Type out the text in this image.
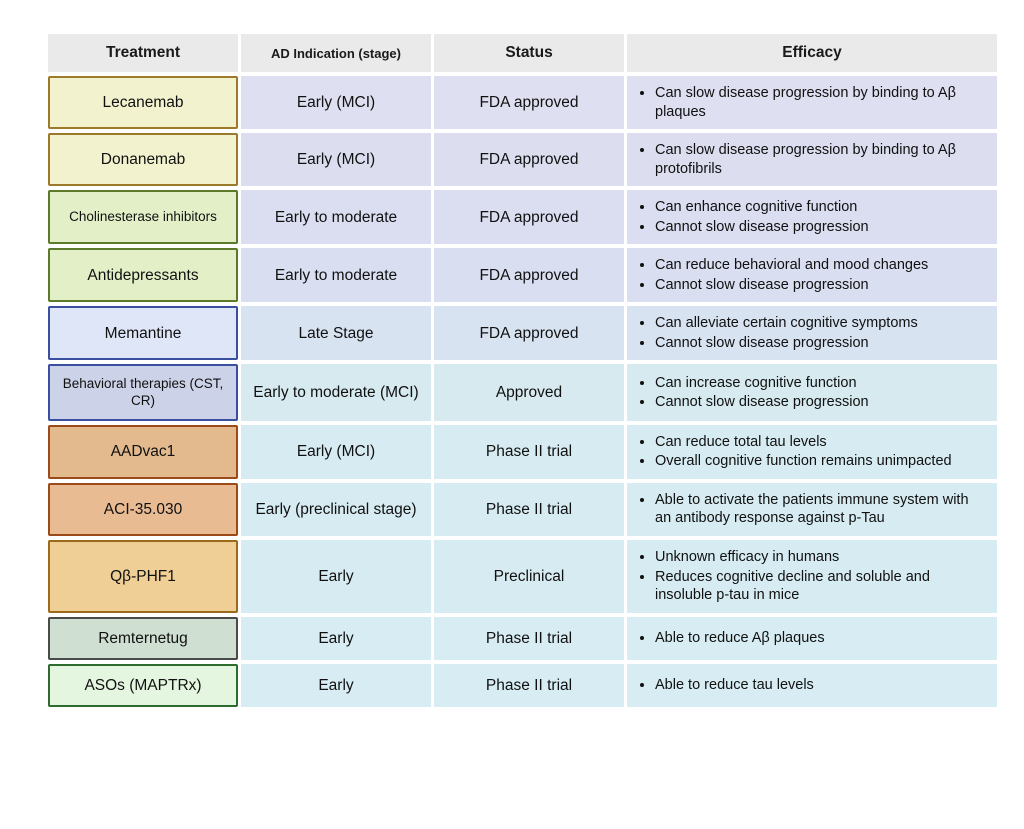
Treatment	AD Indication (stage)	Status	Efficacy
Lecanemab	Early (MCI)	FDA approved	
• Can slow disease progression by binding to Aβ plaques

Donanemab	Early (MCI)	FDA approved	
• Can slow disease progression by binding to Aβ protofibrils

Cholinesterase inhibitors	Early to moderate	FDA approved	
• Can enhance cognitive function
• Cannot slow disease progression

Antidepressants	Early to moderate	FDA approved	
• Can reduce behavioral and mood changes
• Cannot slow disease progression

Memantine	Late Stage	FDA approved	
• Can alleviate certain cognitive symptoms
• Cannot slow disease progression

Behavioral therapies (CST, CR)	Early to moderate (MCI)	Approved	
• Can increase cognitive function
• Cannot slow disease progression

AADvac1	Early (MCI)	Phase II trial	
• Can reduce total tau levels
• Overall cognitive function remains unimpacted

ACI-35.030	Early (preclinical stage)	Phase II trial	
• Able to activate the patients immune system with an antibody response against p-Tau

Qβ-PHF1	Early	Preclinical	
• Unknown efficacy in humans
• Reduces cognitive decline and soluble and insoluble p-tau in mice

Remternetug	Early	Phase II trial	
•Able to reduce Aβ plaques

ASOs (MAPTRx)	Early	Phase II trial	
•Able to reduce tau levels
